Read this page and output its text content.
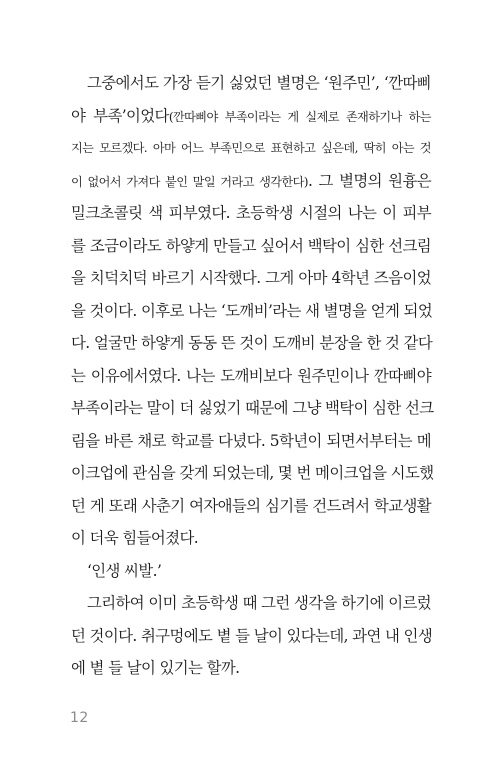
그중에서도 가장 듣기 싫었던 별명은 ‘원주민’, ‘깐따삐
야 부족’이었다(깐따삐야 부족이라는 게 실제로 존재하기나 하는
지는 모르겠다. 아마 어느 부족민으로 표현하고 싶은데, 딱히 아는 것
이 없어서 가져다 붙인 말일 거라고 생각한다). 그 별명의 원흉은
밀크초콜릿 색 피부였다. 초등학생 시절의 나는 이 피부
를 조금이라도 하얗게 만들고 싶어서 백탁이 심한 선크림
을 치덕치덕 바르기 시작했다. 그게 아마 4학년 즈음이었
을 것이다. 이후로 나는 ‘도깨비’라는 새 별명을 얻게 되었
다. 얼굴만 하얗게 동동 뜬 것이 도깨비 분장을 한 것 같다
는 이유에서였다. 나는 도깨비보다 원주민이나 깐따삐야
부족이라는 말이 더 싫었기 때문에 그냥 백탁이 심한 선크
림을 바른 채로 학교를 다녔다. 5학년이 되면서부터는 메
이크업에 관심을 갖게 되었는데, 몇 번 메이크업을 시도했
던 게 또래 사춘기 여자애들의 심기를 건드려서 학교생활
이 더욱 힘들어졌다.
‘인생 씨발.’
그리하여 이미 초등학생 때 그런 생각을 하기에 이르렀
던 것이다. 취구멍에도 볕 들 날이 있다는데, 과연 내 인생
에 볕 들 날이 있기는 할까.
12
